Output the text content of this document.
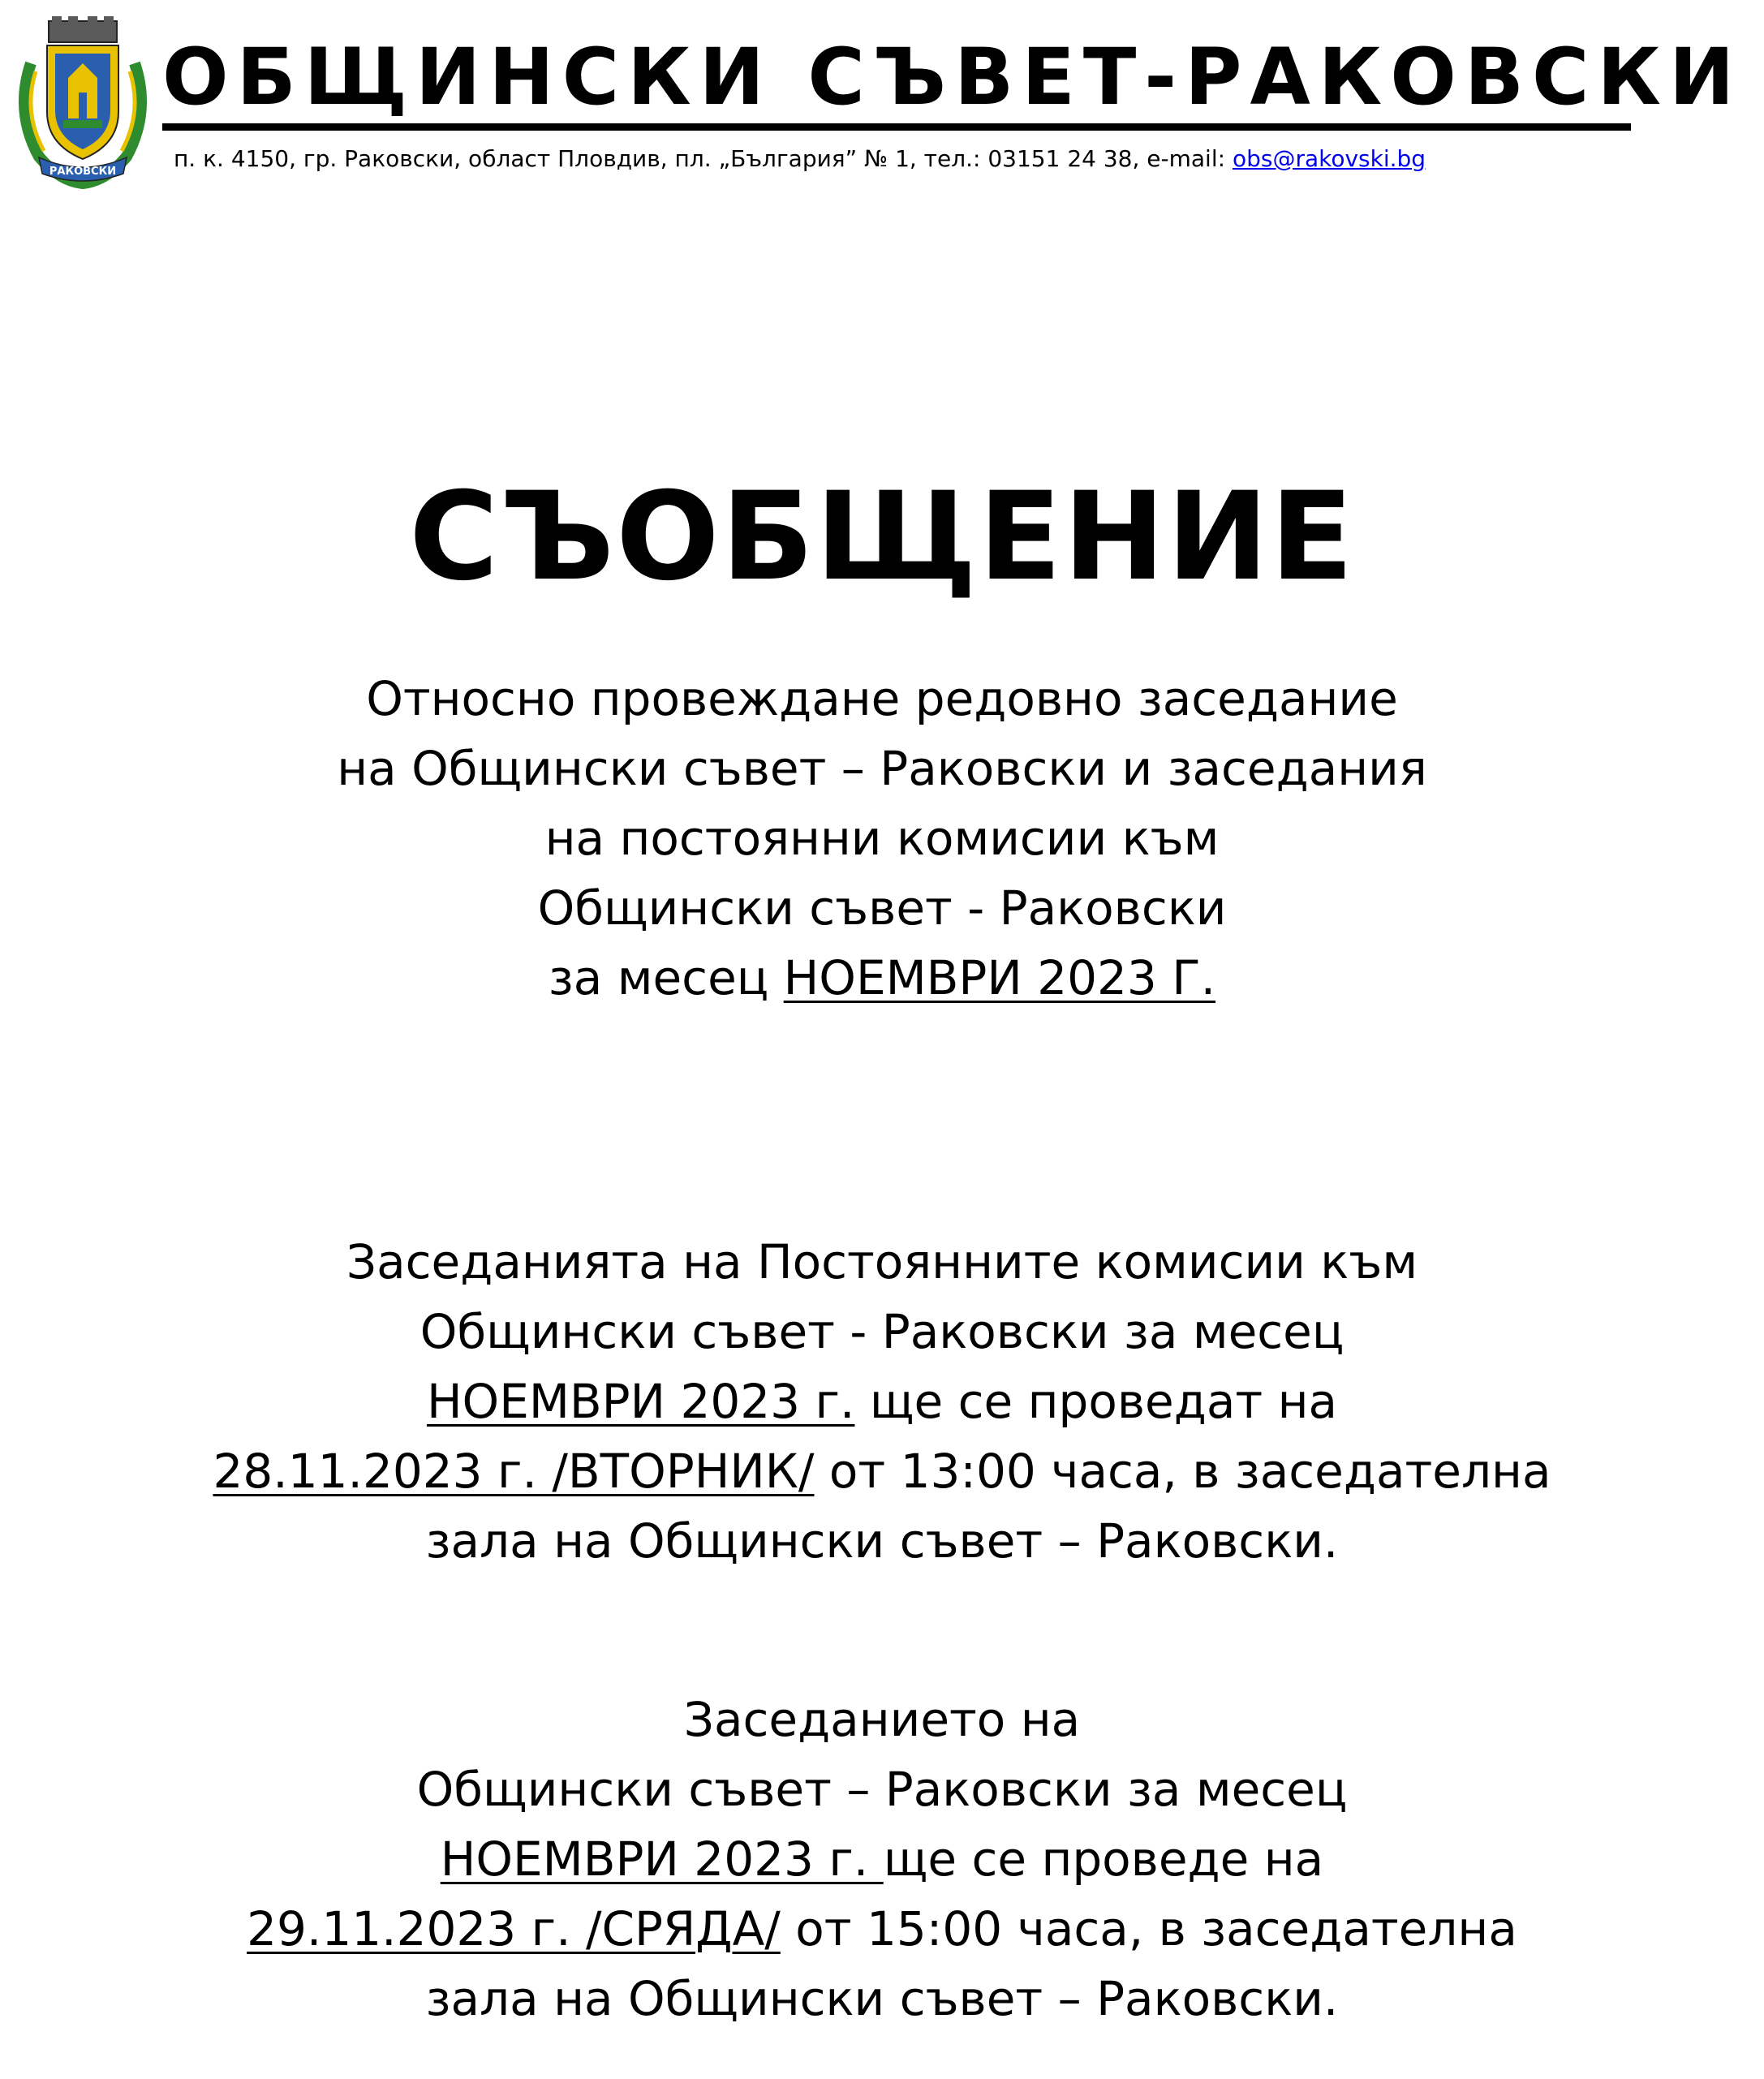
РАКОВСКИ
ОБЩИНСКИ СЪВЕТ-РАКОВСКИ
п. к. 4150, гр. Раковски, област Пловдив, пл. „България” № 1, тел.: 03151 24 38, e-mail: obs@rakovski.bg
СЪОБЩЕНИЕ
Относно провеждане редовно заседание
на Общински съвет – Раковски и заседания
на постоянни комисии към
Общински съвет - Раковски
за месец НОЕМВРИ 2023 Г.
Заседанията на Постоянните комисии към
Общински съвет - Раковски за месец
НОЕМВРИ 2023 г. ще се проведат на
28.11.2023 г. /ВТОРНИК/ от 13:00 часа, в заседателна
зала на Общински съвет – Раковски.
Заседанието на
Общински съвет – Раковски за месец
НОЕМВРИ 2023 г. ще се проведе на
29.11.2023 г. /СРЯДА/ от 15:00 часа, в заседателна
зала на Общински съвет – Раковски.
